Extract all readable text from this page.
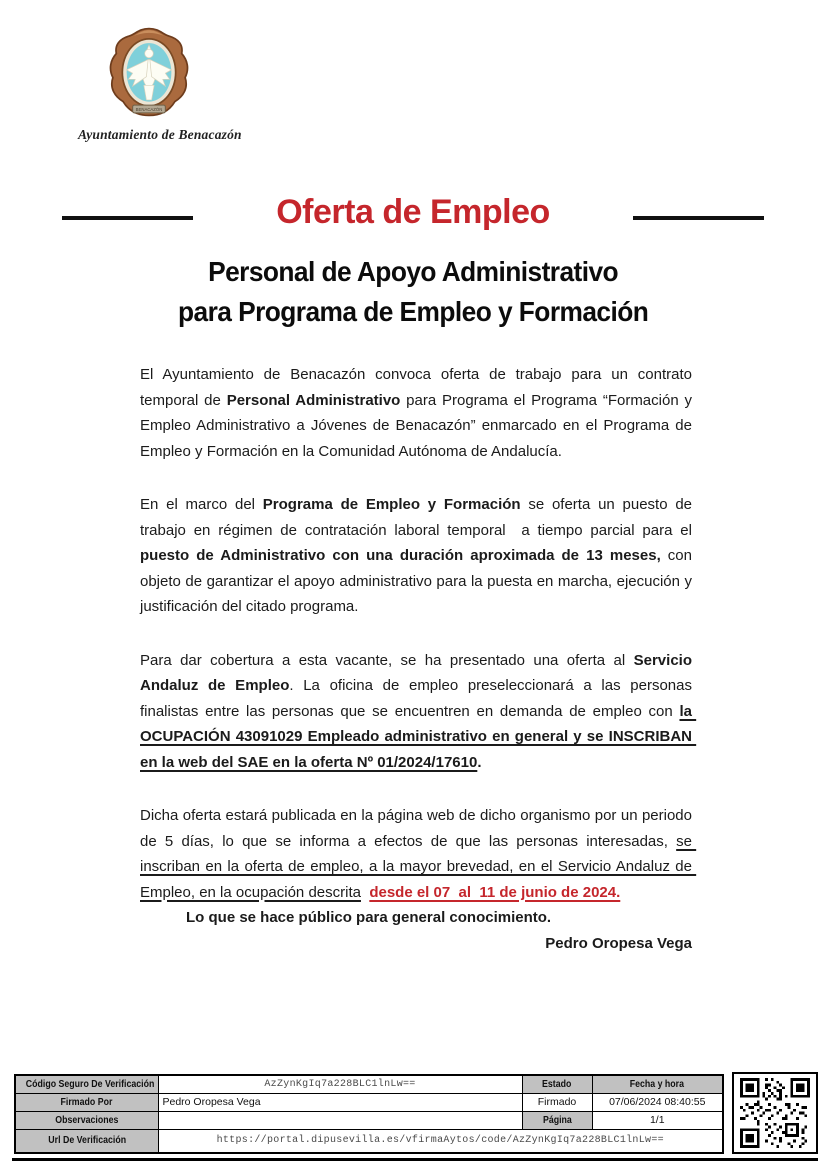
BENACAZÓN
Ayuntamiento de Benacazón
Oferta de Empleo
Personal de Apoyo Administrativo
para Programa de Empleo y Formación

El Ayuntamiento de Benacazón convoca oferta de trabajo para un contrato temporal de Personal Administrativo para Programa el Programa “Formación y Empleo Administrativo a Jóvenes de Benacazón” enmarcado en el Programa de Empleo y Formación en la Comunidad Autónoma de Andalucía.

En el marco del Programa de Empleo y Formación se oferta un puesto de trabajo en régimen de contratación laboral temporal  a tiempo parcial para el puesto de Administrativo con una duración aproximada de 13 meses, con objeto de garantizar el apoyo administrativo para la puesta en marcha, ejecución y justificación del citado programa.

Para dar cobertura a esta vacante, se ha presentado una oferta al Servicio Andaluz de Empleo. La oficina de empleo preseleccionará a las personas finalistas entre las personas que se encuentren en demanda de empleo con la OCUPACIÓN 43091029 Empleado administrativo en general y se INSCRIBAN en la web del SAE en la oferta Nº 01/2024/17610.

Dicha oferta estará publicada en la página web de dicho organismo por un periodo de 5 días, lo que se informa a efectos de que las personas interesadas, se inscriban en la oferta de empleo, a la mayor brevedad, en el Servicio Andaluz de Empleo, en la ocupación descrita desde el 07  al  11 de junio de 2024.

Lo que se hace público para general conocimiento.

Pedro Oropesa Vega

Código Seguro De Verificación	AzZynKgIq7a228BLC1lnLw==	Estado	Fecha y hora
Firmado Por	Pedro Oropesa Vega	Firmado	07/06/2024 08:40:55
Observaciones		Página	1/1
Url De Verificación	https://portal.dipusevilla.es/vfirmaAytos/code/AzZynKgIq7a228BLC1lnLw==		
